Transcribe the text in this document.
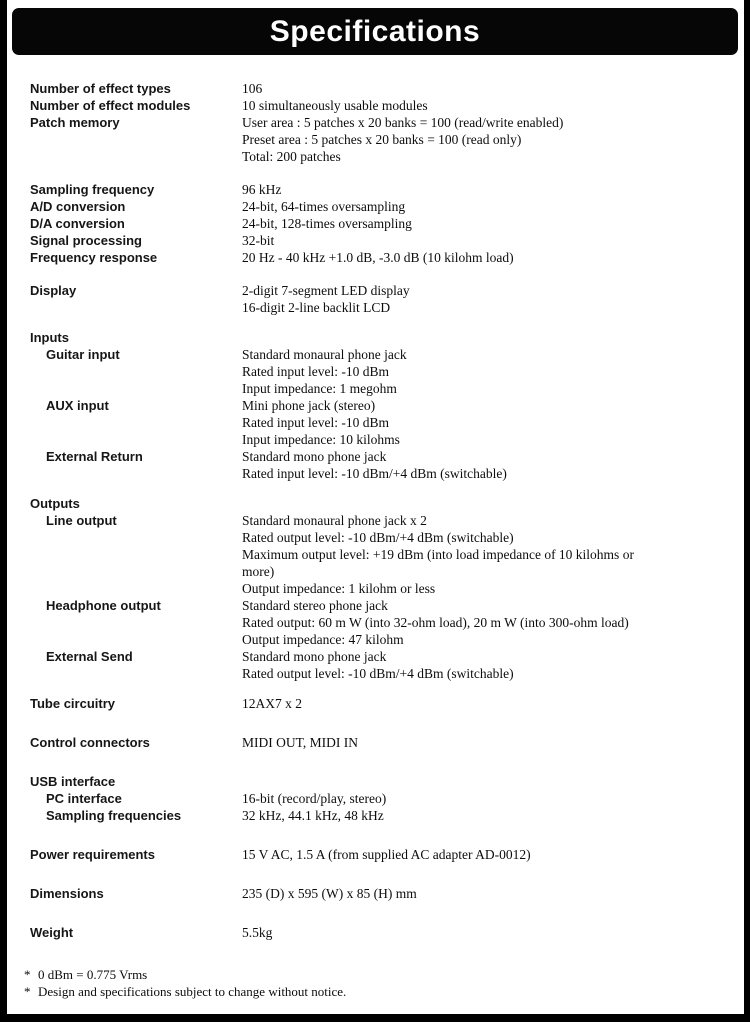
Specifications
Number of effect types	106
Number of effect modules	10 simultaneously usable modules
Patch memory	User area : 5 patches x 20 banks = 100 (read/write enabled)
Preset area : 5 patches x 20 banks = 100 (read only)
Total: 200 patches
Sampling frequency	96 kHz
A/D conversion	24-bit, 64-times oversampling
D/A conversion	24-bit, 128-times oversampling
Signal processing	32-bit
Frequency response	20 Hz - 40 kHz +1.0 dB, -3.0 dB (10 kilohm load)
Display	2-digit 7-segment LED display
16-digit 2-line backlit LCD
Inputs
Guitar input	Standard monaural phone jack
Rated input level: -10 dBm
Input impedance: 1 megohm
AUX input	Mini phone jack (stereo)
Rated input level: -10 dBm
Input impedance: 10 kilohms
External Return	Standard mono phone jack
Rated input level: -10 dBm/+4 dBm (switchable)
Outputs
Line output	Standard monaural phone jack x 2
Rated output level: -10 dBm/+4 dBm (switchable)
Maximum output level: +19 dBm (into load impedance of 10 kilohms or
more)
Output impedance: 1 kilohm or less
Headphone output	Standard stereo phone jack
Rated output: 60 m W (into 32-ohm load), 20 m W (into 300-ohm load)
Output impedance: 47 kilohm
External Send	Standard mono phone jack
Rated output level: -10 dBm/+4 dBm (switchable)
Tube circuitry	12AX7 x 2
Control connectors	MIDI OUT, MIDI IN
USB interface
PC interface	16-bit (record/play, stereo)
Sampling frequencies	32 kHz, 44.1 kHz, 48 kHz
Power requirements	15 V AC, 1.5 A (from supplied AC adapter AD-0012)
Dimensions	235 (D) x 595 (W) x 85 (H) mm
Weight	5.5kg
* 0 dBm = 0.775 Vrms
* Design and specifications subject to change without notice.
